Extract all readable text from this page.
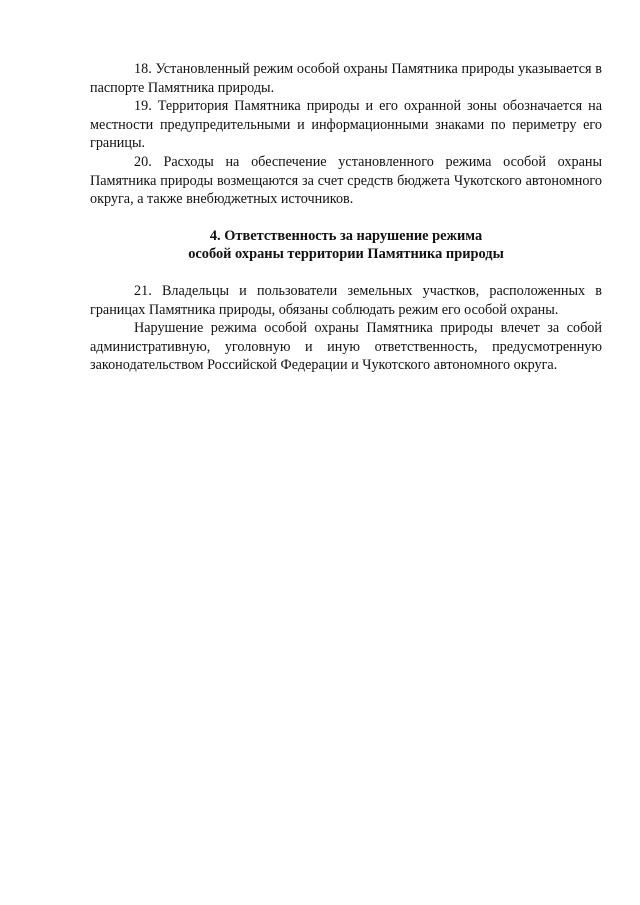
18. Установленный режим особой охраны Памятника природы указывается в паспорте Памятника природы.

19. Территория Памятника природы и его охранной зоны обозначается на местности предупредительными и информационными знаками по периметру его границы.

20. Расходы на обеспечение установленного режима особой охраны Памятника природы возмещаются за счет средств бюджета Чукотского автономного округа, а также внебюджетных источников.

4. Ответственность за нарушение режима
особой охраны территории Памятника природы

21. Владельцы и пользователи земельных участков, расположенных в границах Памятника природы, обязаны соблюдать режим его особой охраны.

Нарушение режима особой охраны Памятника природы влечет за собой административную, уголовную и иную ответственность, предусмотренную законодательством Российской Федерации и Чукотского автономного округа.
